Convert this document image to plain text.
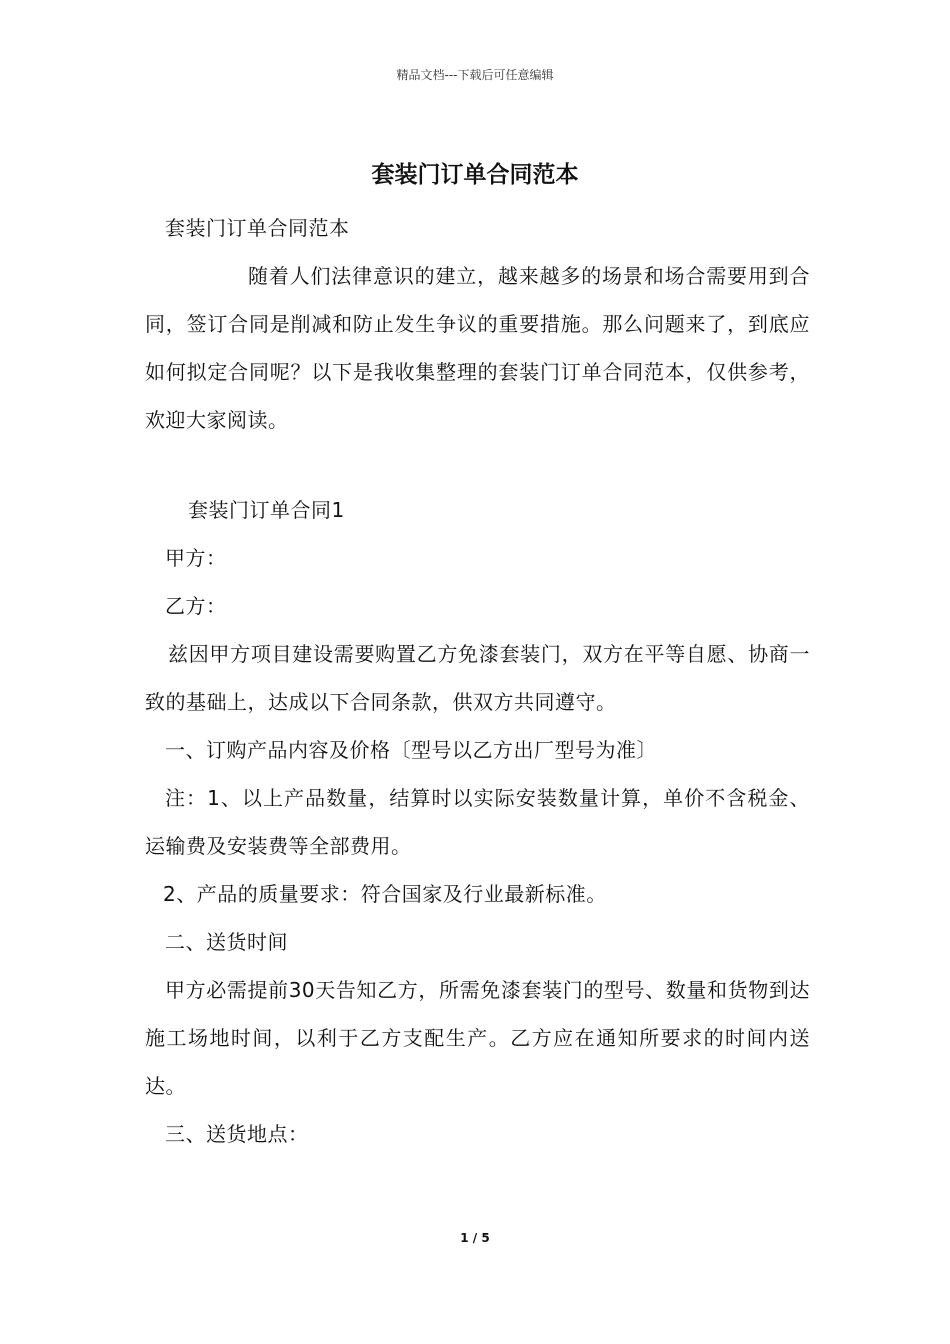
精品文档---下载后可任意编辑
套装门订单合同范本

套装门订单合同范本

随着人们法律意识的建立，越来越多的场景和场合需要用到合同，签订合同是削减和防止发生争议的重要措施。那么问题来了，到底应如何拟定合同呢？以下是我收集整理的套装门订单合同范本，仅供参考，欢迎大家阅读。

套装门订单合同1

甲方：

乙方：

兹因甲方项目建设需要购置乙方免漆套装门，双方在平等自愿、协商一致的基础上，达成以下合同条款，供双方共同遵守。

一、订购产品内容及价格〔型号以乙方出厂型号为准〕

注：1、以上产品数量，结算时以实际安装数量计算，单价不含税金、运输费及安装费等全部费用。

2、产品的质量要求：符合国家及行业最新标准。

二、送货时间

甲方必需提前30天告知乙方，所需免漆套装门的型号、数量和货物到达施工场地时间，以利于乙方支配生产。乙方应在通知所要求的时间内送达。

三、送货地点：

1 / 5
